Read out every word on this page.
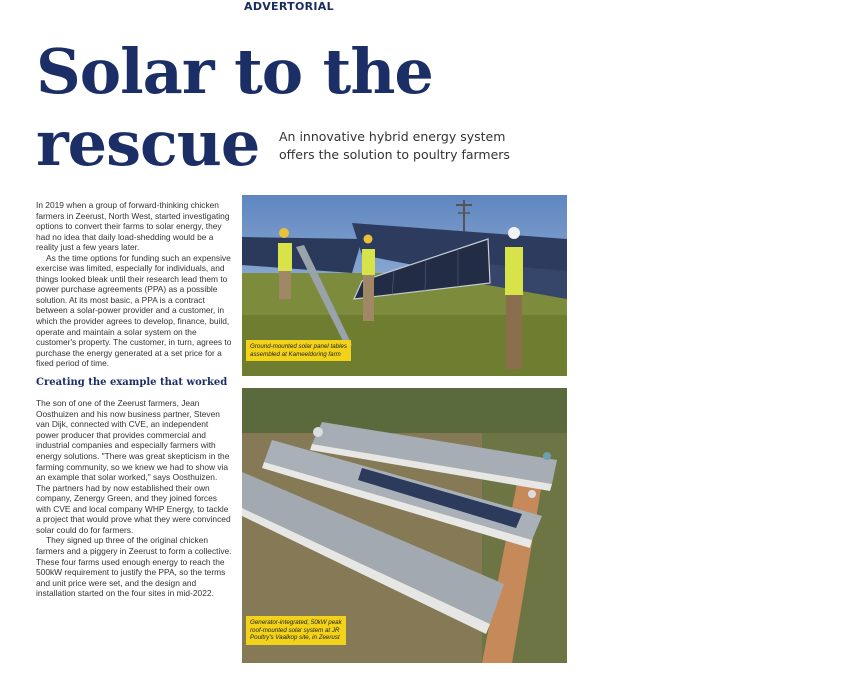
ADVERTORIAL
Solar to the
rescue	An innovative hybrid energy system
offers the solution to poultry farmers

In 2019 when a group of forward-thinking chicken farmers in Zeerust, North West, started investigating options to convert their farms to solar energy, they had no idea that daily load-shedding would be a reality just a few years later.

As the time options for funding such an expensive exercise was limited, especially for individuals, and things looked bleak until their research lead them to power purchase agreements (PPA) as a possible solution. At its most basic, a PPA is a contract between a solar-power provider and a customer, in which the provider agrees to develop, finance, build, operate and maintain a solar system on the customer's property. The customer, in turn, agrees to purchase the energy generated at a set price for a fixed period of time.

Creating the example that worked

The son of one of the Zeerust farmers, Jean Oosthuizen and his now business partner, Steven van Dijk, connected with CVE, an independent power producer that provides commercial and industrial companies and especially farmers with energy solutions. "There was great skepticism in the farming community, so we knew we had to show via an example that solar worked," says Oosthuizen. The partners had by now established their own company, Zenergy Green, and they joined forces with CVE and local company WHP Energy, to tackle a project that would prove what they were convinced solar could do for farmers.

They signed up three of the original chicken farmers and a piggery in Zeerust to form a collective. These four farms used enough energy to reach the 500kW requirement to justify the PPA, so the terms and unit price were set, and the design and installation started on the four sites in mid-2022.

Ground-mounted solar panel tables
assembled at Kameeldoring farm
Generator-integrated, 50kW peak
roof-mounted solar system at JR
Poultry's Vaalkop site, in Zeerust
